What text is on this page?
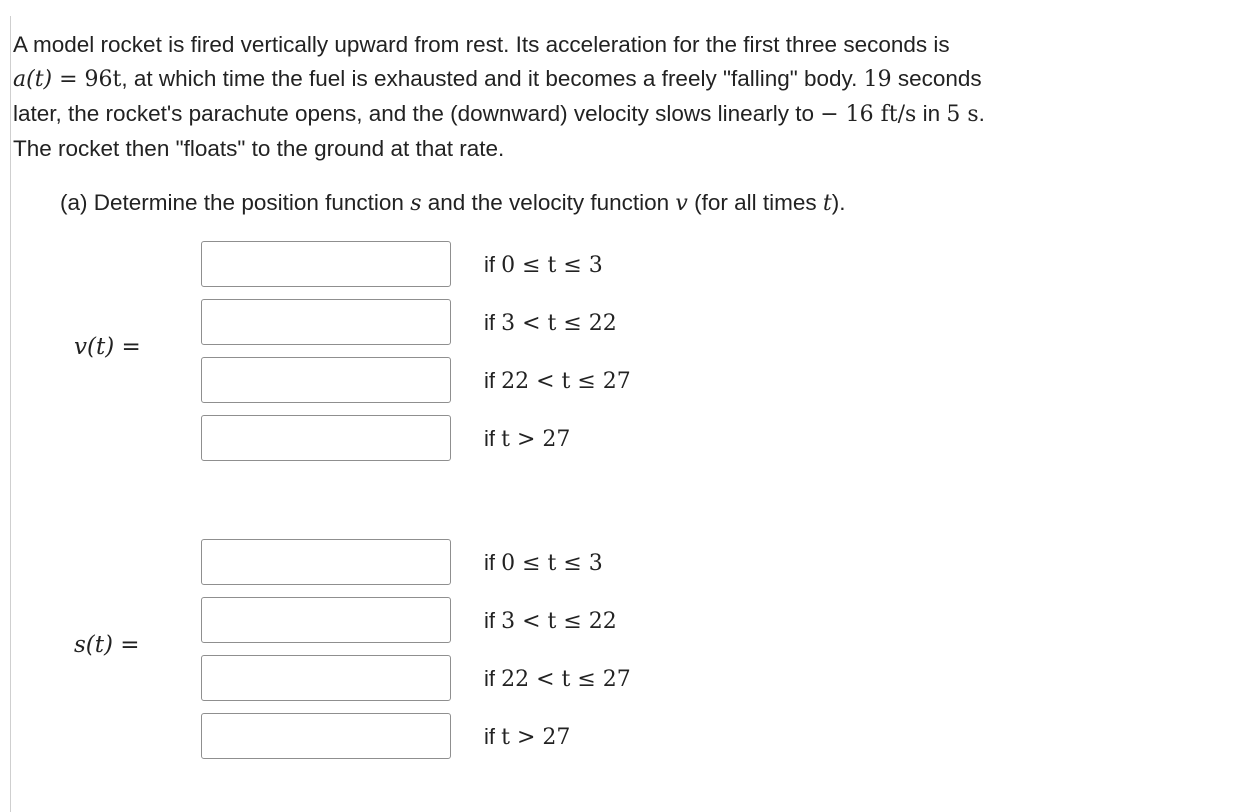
A model rocket is fired vertically upward from rest. Its acceleration for the first three seconds is

a(t) = 96t, at which time the fuel is exhausted and it becomes a freely "falling" body. 19 seconds

later, the rocket's parachute opens, and the (downward) velocity slows linearly to − 16 ft/s in 5 s.

The rocket then "floats" to the ground at that rate.

(a) Determine the position function s and the velocity function v (for all times t).
v(t) =
if 0 ≤ t ≤ 3
if 3 < t ≤ 22
if 22 < t ≤ 27
if t > 27
s(t) =
if 0 ≤ t ≤ 3
if 3 < t ≤ 22
if 22 < t ≤ 27
if t > 27
